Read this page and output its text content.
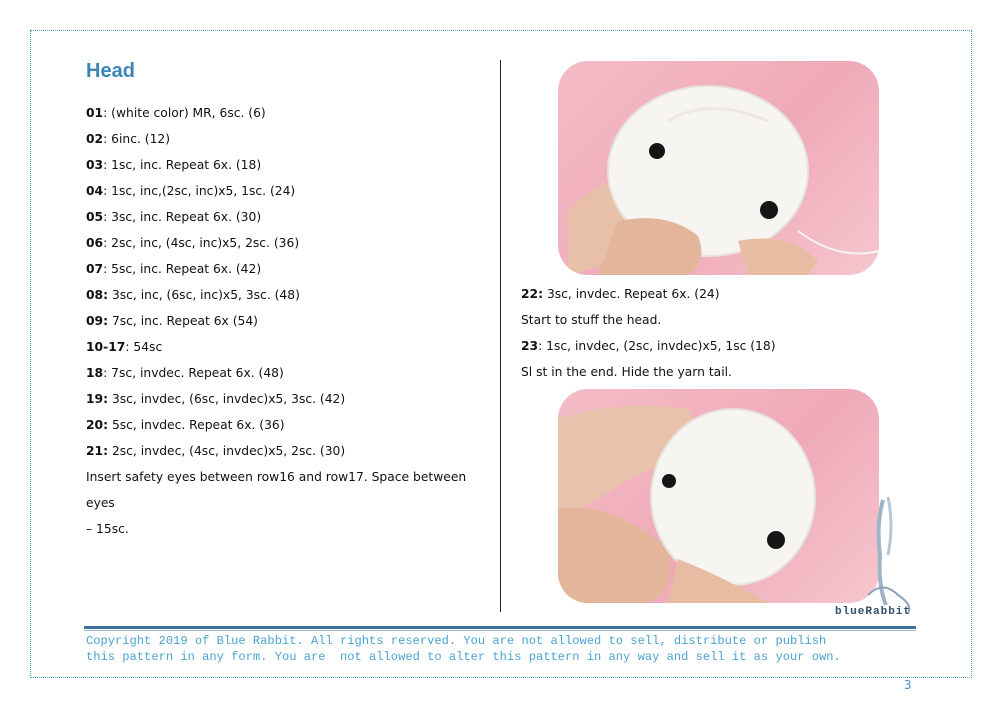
Head
01: (white color) MR, 6sc. (6)
02: 6inc. (12)
03: 1sc, inc. Repeat 6x. (18)
04: 1sc, inc,(2sc, inc)x5, 1sc. (24)
05: 3sc, inc. Repeat 6x. (30)
06: 2sc, inc, (4sc, inc)x5, 2sc. (36)
07: 5sc, inc. Repeat 6x. (42)
08: 3sc, inc, (6sc, inc)x5, 3sc. (48)
09: 7sc, inc. Repeat 6x (54)
10-17: 54sc
18: 7sc, invdec. Repeat 6x. (48)
19: 3sc, invdec, (6sc, invdec)x5, 3sc. (42)
20: 5sc, invdec. Repeat 6x. (36)
21: 2sc, invdec, (4sc, invdec)x5, 2sc. (30)
Insert safety eyes between row16 and row17. Space between eyes
– 15sc.
22: 3sc, invdec. Repeat 6x. (24)
Start to stuff the head.
23: 1sc, invdec, (2sc, invdec)x5, 1sc (18)
Sl st in the end. Hide the yarn tail.
blueRabbit
Copyright 2019 of Blue Rabbit. All rights reserved. You are not allowed to sell, distribute or publish
this pattern in any form. You are  not allowed to alter this pattern in any way and sell it as your own.
3
